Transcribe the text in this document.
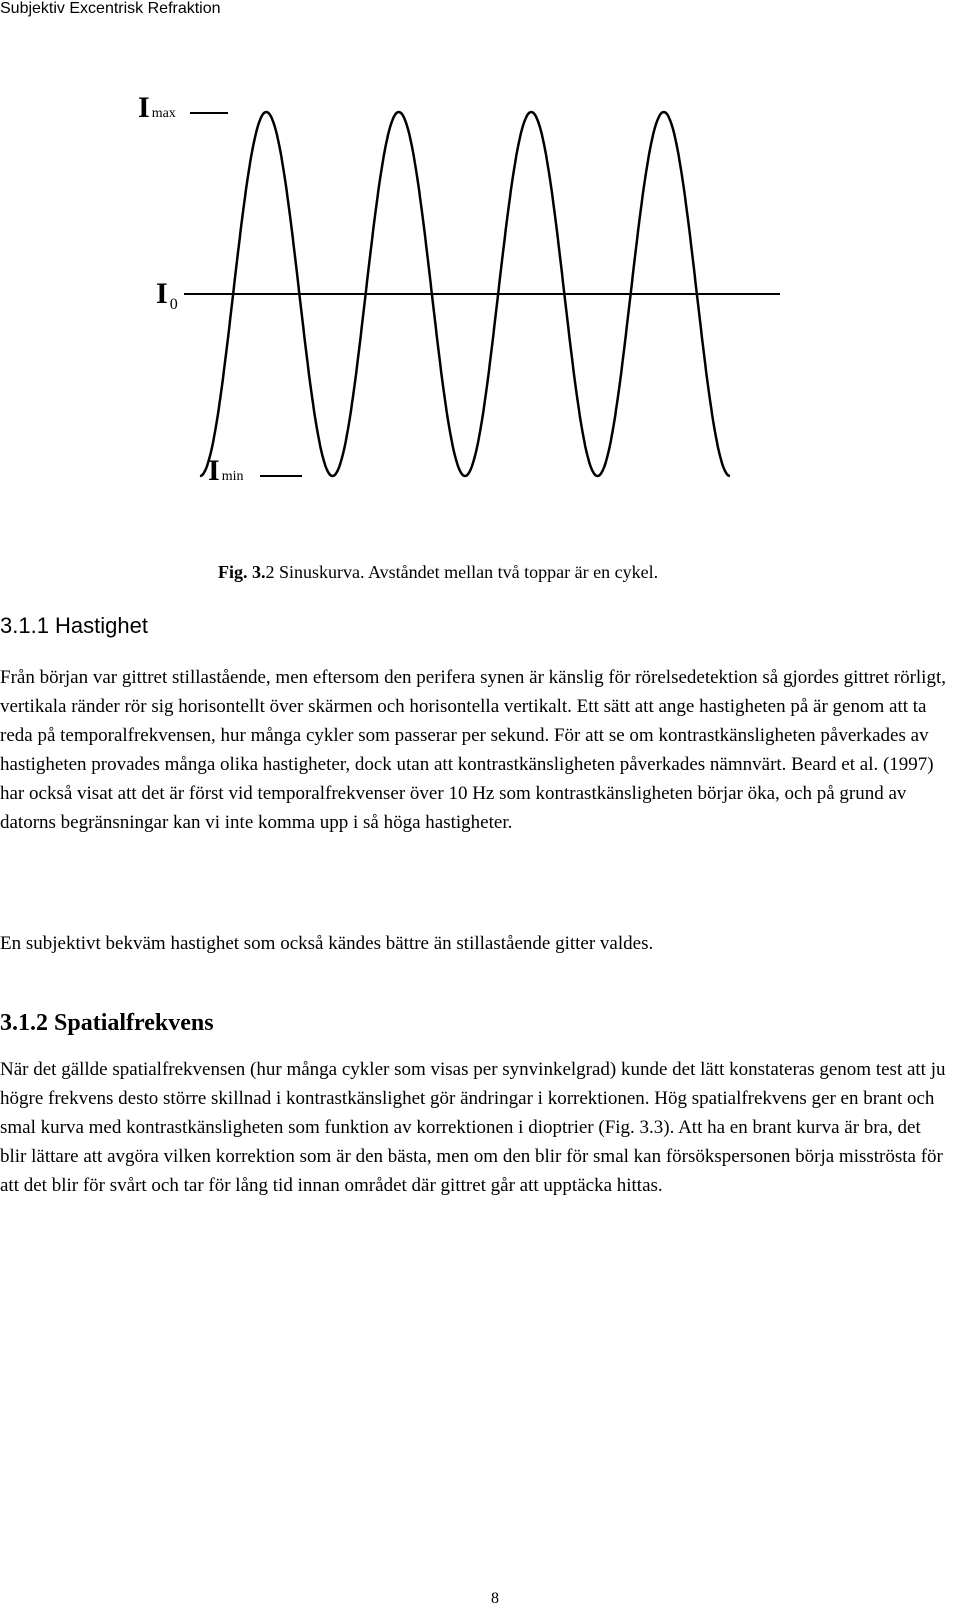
Subjektiv Excentrisk Refraktion
Imax
I $_0$
Imin
Fig. 3.2 Sinuskurva. Avståndet mellan två toppar är en cykel.
3.1.1 Hastighet
Från början var gittret stillastående, men eftersom den perifera synen är känslig för rörelsedetektion så gjordes gittret rörligt, vertikala ränder rör sig horisontellt över skärmen och horisontella vertikalt. Ett sätt att ange hastigheten på är genom att ta reda på temporalfrekvensen, hur många cykler som passerar per sekund. För att se om kontrastkänsligheten påverkades av hastigheten provades många olika hastigheter, dock utan att kontrastkänsligheten påverkades nämnvärt. Beard et al. (1997) har också visat att det är först vid temporalfrekvenser över 10 Hz som kontrastkänsligheten börjar öka, och på grund av datorns begränsningar kan vi inte komma upp i så höga hastigheter.
En subjektivt bekväm hastighet som också kändes bättre än stillastående gitter valdes.
3.1.2 Spatialfrekvens
När det gällde spatialfrekvensen (hur många cykler som visas per synvinkelgrad) kunde det lätt konstateras genom test att ju högre frekvens desto större skillnad i kontrastkänslighet gör ändringar i korrektionen. Hög spatialfrekvens ger en brant och smal kurva med kontrastkänsligheten som funktion av korrektionen i dioptrier (Fig. 3.3). Att ha en brant kurva är bra, det blir lättare att avgöra vilken korrektion som är den bästa, men om den blir för smal kan försökspersonen börja misströsta för att det blir för svårt och tar för lång tid innan området där gittret går att upptäcka hittas.
8
